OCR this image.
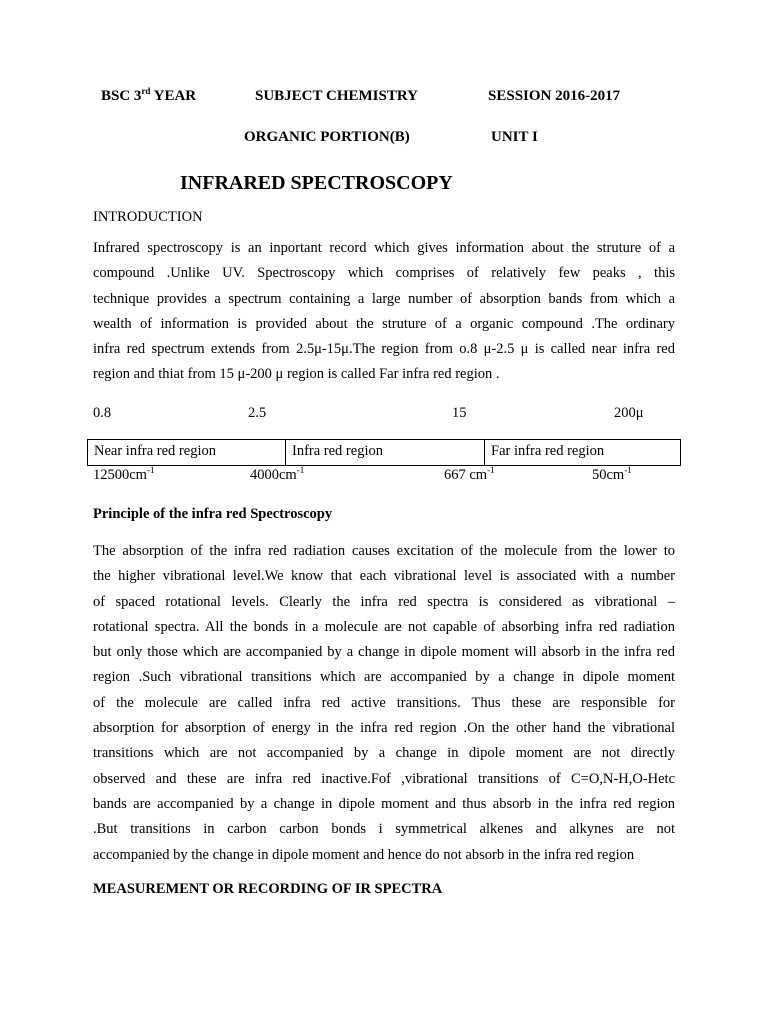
BSC 3rd YEAR	SUBJECT CHEMISTRY	SESSION 2016-2017
ORGANIC PORTION(B)	UNIT I
INFRARED SPECTROSCOPY
INTRODUCTION
Infrared spectroscopy is an inportant record which gives information about the struture of a
compound .Unlike UV. Spectroscopy which comprises of relatively few peaks , this
technique provides a spectrum containing a large number of absorption bands from which a
wealth of information is provided about the struture of a organic compound .The ordinary
infra red spectrum extends from 2.5μ-15μ.The region from o.8 μ-2.5 μ is called near infra red
region and thiat from 15 μ-200 μ region is called Far infra red region .
0.8	2.5	15	200μ
Near infra red region	Infra red region	Far infra red region
$12500cm^{-1}$	$4000cm^{-1}$	667 $cm^{-1}$	$50cm^{-1}$
Principle of the infra red Spectroscopy
The absorption of the infra red radiation causes excitation of the molecule from the lower to
the higher vibrational level.We know that each vibrational level is associated with a number
of spaced rotational levels. Clearly the infra red spectra is considered as vibrational –
rotational spectra. All the bonds in a molecule are not capable of absorbing infra red radiation
but only those which are accompanied by a change in dipole moment will absorb in the infra red
region .Such vibrational transitions which are accompanied by a change in dipole moment
of the molecule are called infra red active transitions. Thus these are responsible for
absorption for absorption of energy in the infra red region .On the other hand the vibrational
transitions which are not accompanied by a change in dipole moment are not directly
observed and these are infra red inactive.Fof ,vibrational transitions of C=O,N-H,O-Hetc
bands are accompanied by a change in dipole moment and thus absorb in the infra red region
.But transitions in carbon carbon bonds i symmetrical alkenes and alkynes are not
accompanied by the change in dipole moment and hence do not absorb in the infra red region
MEASUREMENT OR RECORDING OF IR SPECTRA
